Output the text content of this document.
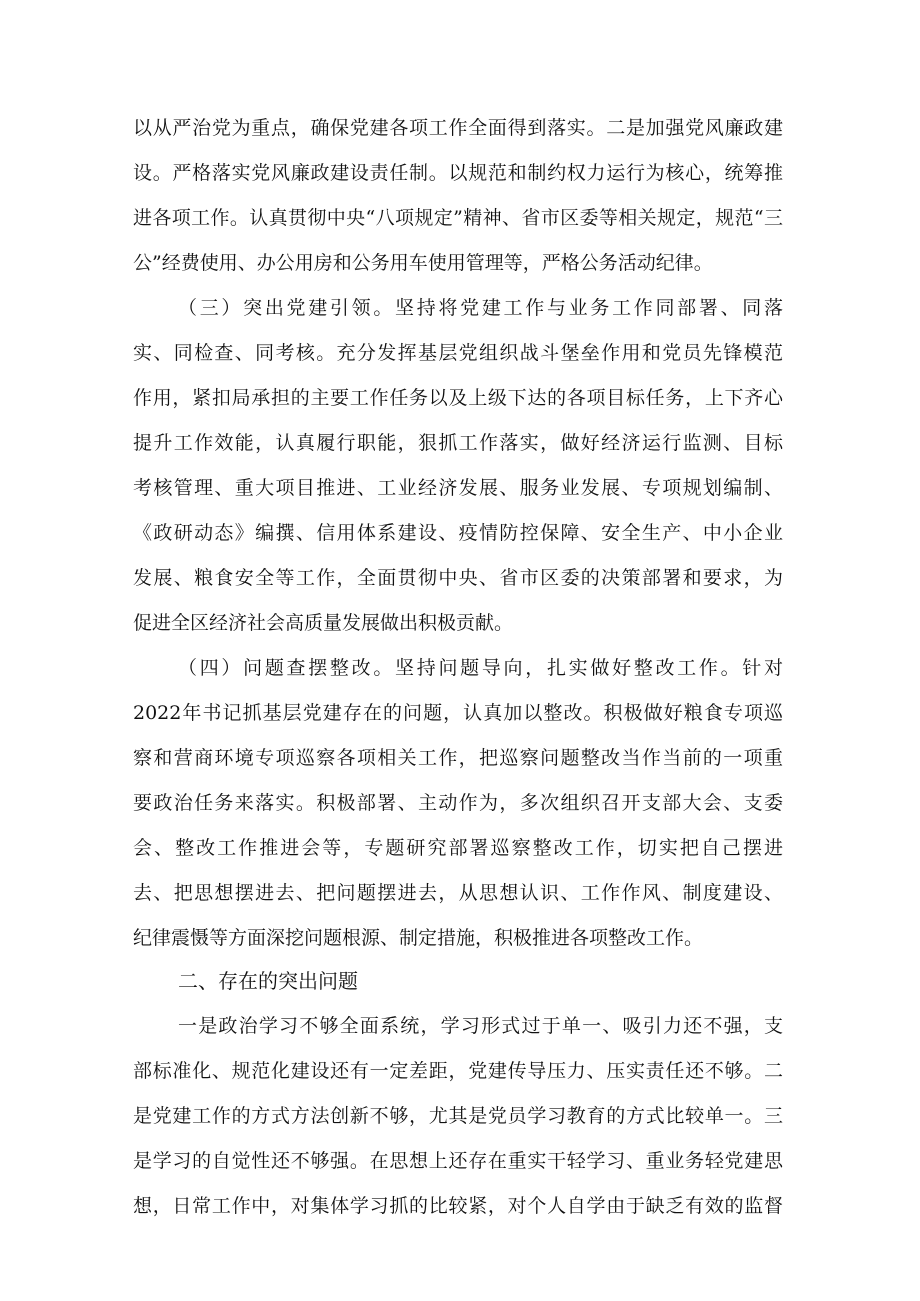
以从严治党为重点，确保党建各项工作全面得到落实。二是加强党风廉政建
设。严格落实党风廉政建设责任制。以规范和制约权力运行为核心，统筹推
进各项工作。认真贯彻中央“八项规定”精神、省市区委等相关规定，规范“三
公”经费使用、办公用房和公务用车使用管理等，严格公务活动纪律。
（三）突出党建引领。坚持将党建工作与业务工作同部署、同落
实、同检查、同考核。充分发挥基层党组织战斗堡垒作用和党员先锋模范
作用，紧扣局承担的主要工作任务以及上级下达的各项目标任务，上下齐心
提升工作效能，认真履行职能，狠抓工作落实，做好经济运行监测、目标
考核管理、重大项目推进、工业经济发展、服务业发展、专项规划编制、
《政研动态》编撰、信用体系建设、疫情防控保障、安全生产、中小企业
发展、粮食安全等工作，全面贯彻中央、省市区委的决策部署和要求，为
促进全区经济社会高质量发展做出积极贡献。
（四）问题查摆整改。坚持问题导向，扎实做好整改工作。针对
2022年书记抓基层党建存在的问题，认真加以整改。积极做好粮食专项巡
察和营商环境专项巡察各项相关工作，把巡察问题整改当作当前的一项重
要政治任务来落实。积极部署、主动作为，多次组织召开支部大会、支委
会、整改工作推进会等，专题研究部署巡察整改工作，切实把自己摆进
去、把思想摆进去、把问题摆进去，从思想认识、工作作风、制度建设、
纪律震慑等方面深挖问题根源、制定措施，积极推进各项整改工作。
二、存在的突出问题
一是政治学习不够全面系统，学习形式过于单一、吸引力还不强，支
部标准化、规范化建设还有一定差距，党建传导压力、压实责任还不够。二
是党建工作的方式方法创新不够，尤其是党员学习教育的方式比较单一。三
是学习的自觉性还不够强。在思想上还存在重实干轻学习、重业务轻党建思
想，日常工作中，对集体学习抓的比较紧，对个人自学由于缺乏有效的监督
